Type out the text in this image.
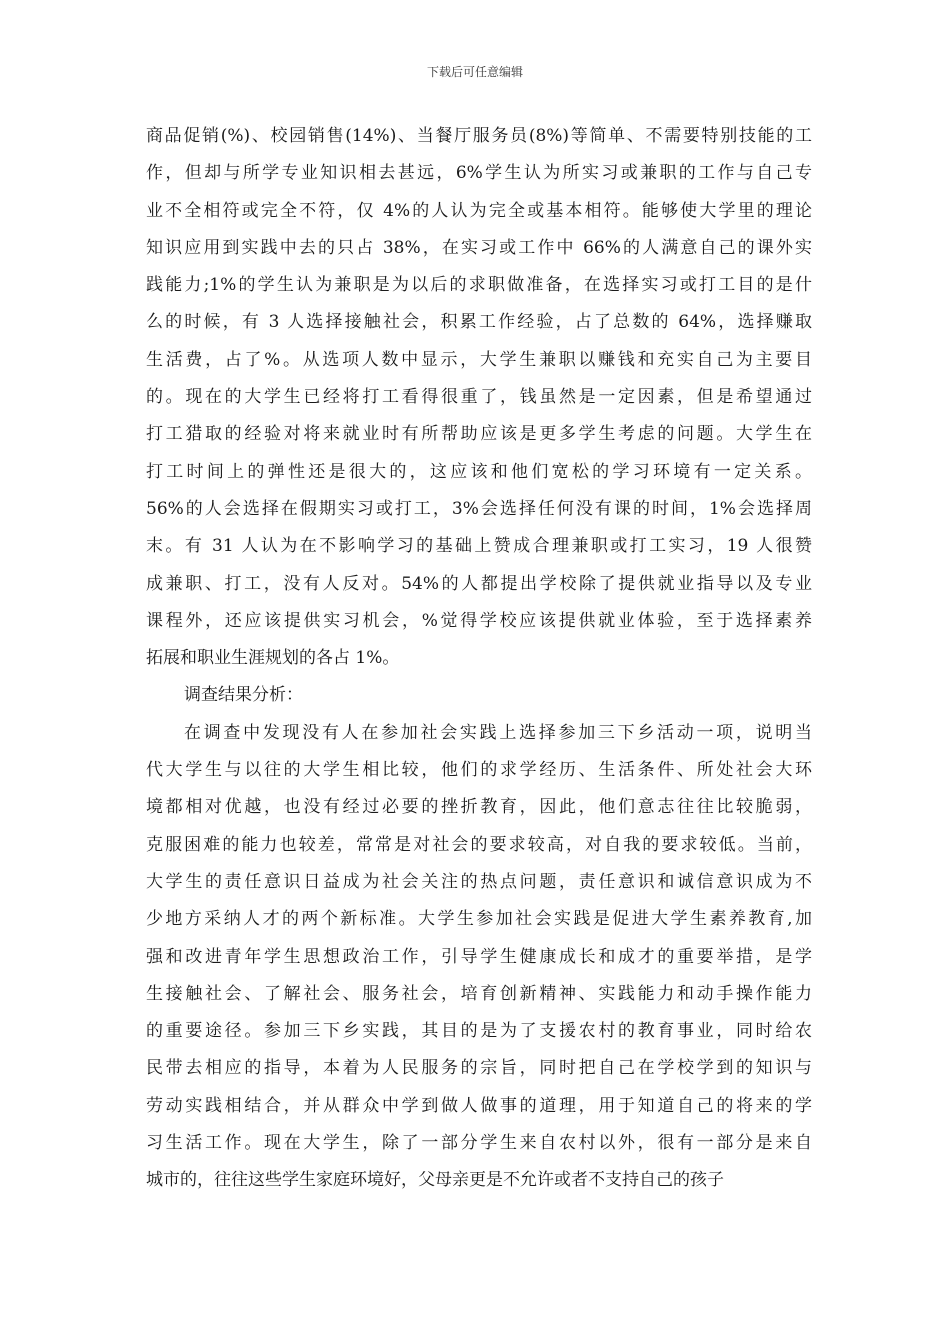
下载后可任意编辑
商品促销(%)、校园销售(14%)、当餐厅服务员(8%)等简单、不需要特别技能的工
作，但却与所学专业知识相去甚远，6%学生认为所实习或兼职的工作与自己专
业不全相符或完全不符，仅 4%的人认为完全或基本相符。能够使大学里的理论
知识应用到实践中去的只占 38%，在实习或工作中 66%的人满意自己的课外实
践能力;1%的学生认为兼职是为以后的求职做准备，在选择实习或打工目的是什
么的时候，有 3 人选择接触社会，积累工作经验，占了总数的 64%，选择赚取
生活费，占了%。从选项人数中显示，大学生兼职以赚钱和充实自己为主要目
的。现在的大学生已经将打工看得很重了，钱虽然是一定因素，但是希望通过
打工猎取的经验对将来就业时有所帮助应该是更多学生考虑的问题。大学生在
打工时间上的弹性还是很大的，这应该和他们宽松的学习环境有一定关系。
56%的人会选择在假期实习或打工，3%会选择任何没有课的时间，1%会选择周
末。有 31 人认为在不影响学习的基础上赞成合理兼职或打工实习，19 人很赞
成兼职、打工，没有人反对。54%的人都提出学校除了提供就业指导以及专业
课程外，还应该提供实习机会，%觉得学校应该提供就业体验，至于选择素养
拓展和职业生涯规划的各占 1%。
调查结果分析：
在调查中发现没有人在参加社会实践上选择参加三下乡活动一项，说明当
代大学生与以往的大学生相比较，他们的求学经历、生活条件、所处社会大环
境都相对优越，也没有经过必要的挫折教育，因此，他们意志往往比较脆弱，
克服困难的能力也较差，常常是对社会的要求较高，对自我的要求较低。当前，
大学生的责任意识日益成为社会关注的热点问题，责任意识和诚信意识成为不
少地方采纳人才的两个新标准。大学生参加社会实践是促进大学生素养教育,加
强和改进青年学生思想政治工作，引导学生健康成长和成才的重要举措，是学
生接触社会、了解社会、服务社会，培育创新精神、实践能力和动手操作能力
的重要途径。参加三下乡实践，其目的是为了支援农村的教育事业，同时给农
民带去相应的指导，本着为人民服务的宗旨，同时把自己在学校学到的知识与
劳动实践相结合，并从群众中学到做人做事的道理，用于知道自己的将来的学
习生活工作。现在大学生，除了一部分学生来自农村以外，很有一部分是来自
城市的，往往这些学生家庭环境好，父母亲更是不允许或者不支持自己的孩子
